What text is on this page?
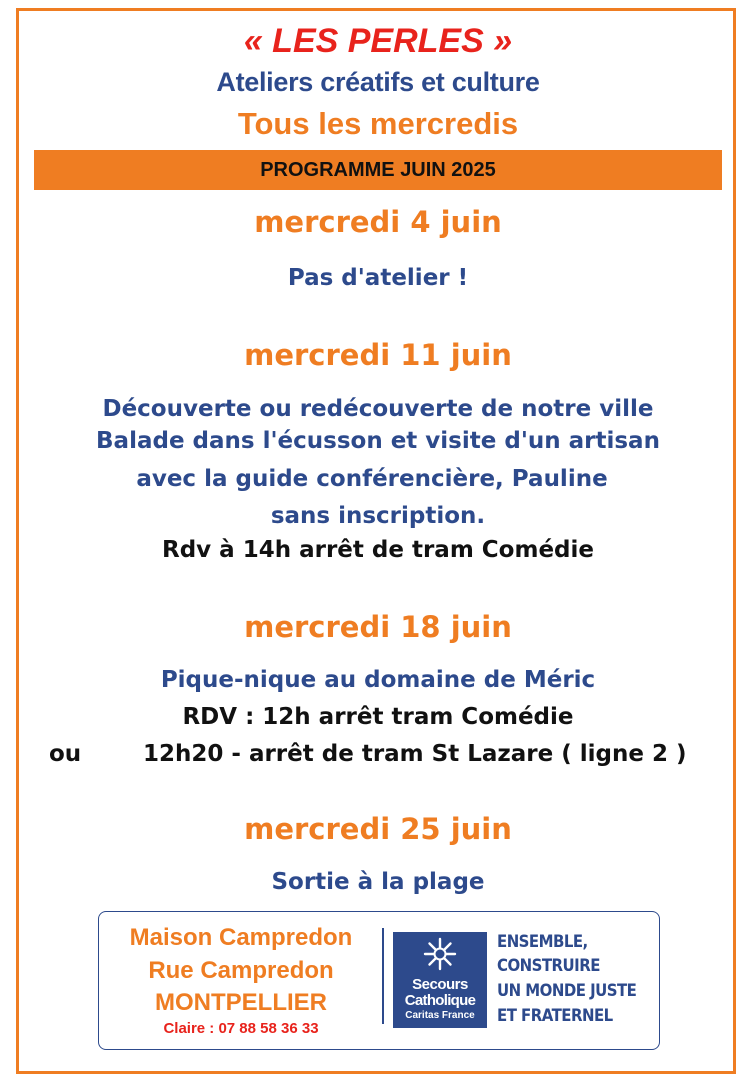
« LES PERLES »
Ateliers créatifs et culture
Tous les mercredis
PROGRAMME JUIN 2025
mercredi 4 juin
Pas d'atelier !
mercredi 11 juin
Découverte ou redécouverte de notre ville
Balade dans l'écusson et visite d'un artisan
avec la guide conférencière, Pauline
sans inscription.
Rdv à 14h arrêt de tram Comédie
mercredi 18 juin
Pique-nique au domaine de Méric
RDV : 12h arrêt tram Comédie
ou	12h20 - arrêt de tram St Lazare ( ligne 2 )
mercredi 25 juin
Sortie à la plage
Maison Campredon
Rue Campredon
MONTPELLIER
Claire : 07 88 58 36 33
Secours
Catholique
Caritas France
ENSEMBLE,
CONSTRUIRE
UN MONDE JUSTE
ET FRATERNEL
